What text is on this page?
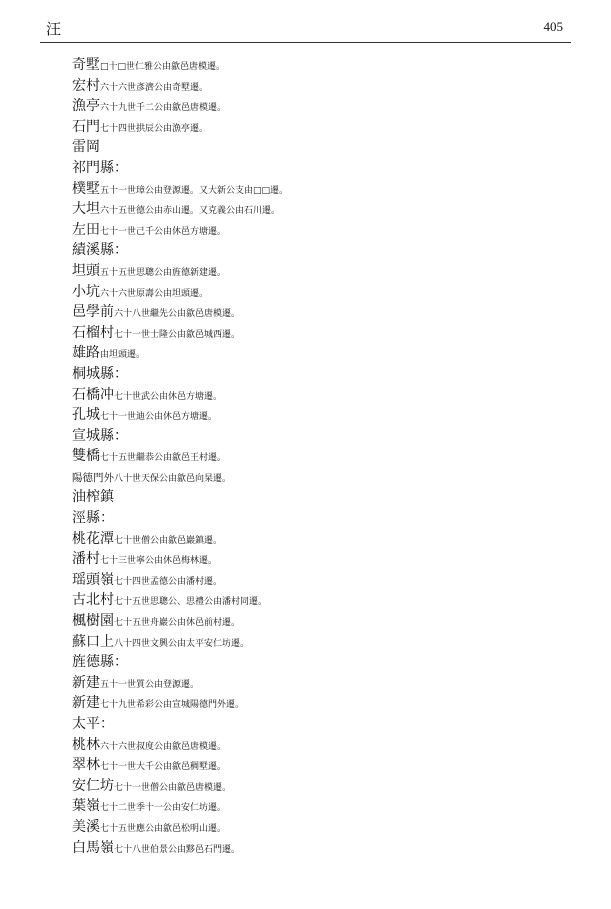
汪	405
奇墅□十□世仁雅公由歙邑唐模遷。
宏村六十六世彥濟公由奇墅遷。
漁亭六十九世千二公由歙邑唐模遷。
石門七十四世拱辰公由漁亭遷。
雷岡
祁門縣：
樸墅五十一世璋公由登源遷。又大新公支由□□遷。
大坦六十五世德公由赤山遷。又克義公由石川遷。
左田七十一世己千公由休邑方塘遷。
績溪縣：
坦頭五十五世思聰公由旌德新建遷。
小坑六十六世原壽公由坦頭遷。
邑學前六十八世繼先公由歙邑唐模遷。
石榴村七十一世士隆公由歙邑城西遷。
雄路由坦頭遷。
桐城縣：
石橋冲七十世武公由休邑方塘遷。
孔城七十一世迪公由休邑方塘遷。
宣城縣：
雙橋七十五世繼恭公由歙邑王村遷。
陽德門外八十世天保公由歙邑向杲遷。
油榨鎮
涇縣：
桃花潭七十世僧公由歙邑巖鎮遷。
潘村七十三世寧公由休邑梅林遷。
瑶頭嶺七十四世孟德公由潘村遷。
古北村七十五世思聰公、思禮公由潘村同遷。
楓樹園七十五世舟巖公由休邑前村遷。
蘇口上八十四世文興公由太平安仁坊遷。
旌德縣：
新建五十一世質公由登源遷。
新建七十九世希彩公由宣城陽德門外遷。
太平：
桃林六十六世叔度公由歙邑唐模遷。
翠林七十一世大千公由歙邑稠墅遷。
安仁坊七十一世僧公由歙邑唐模遷。
葉嶺七十二世季十一公由安仁坊遷。
美溪七十五世應公由歙邑松明山遷。
白馬嶺七十八世伯景公由黟邑石門遷。
